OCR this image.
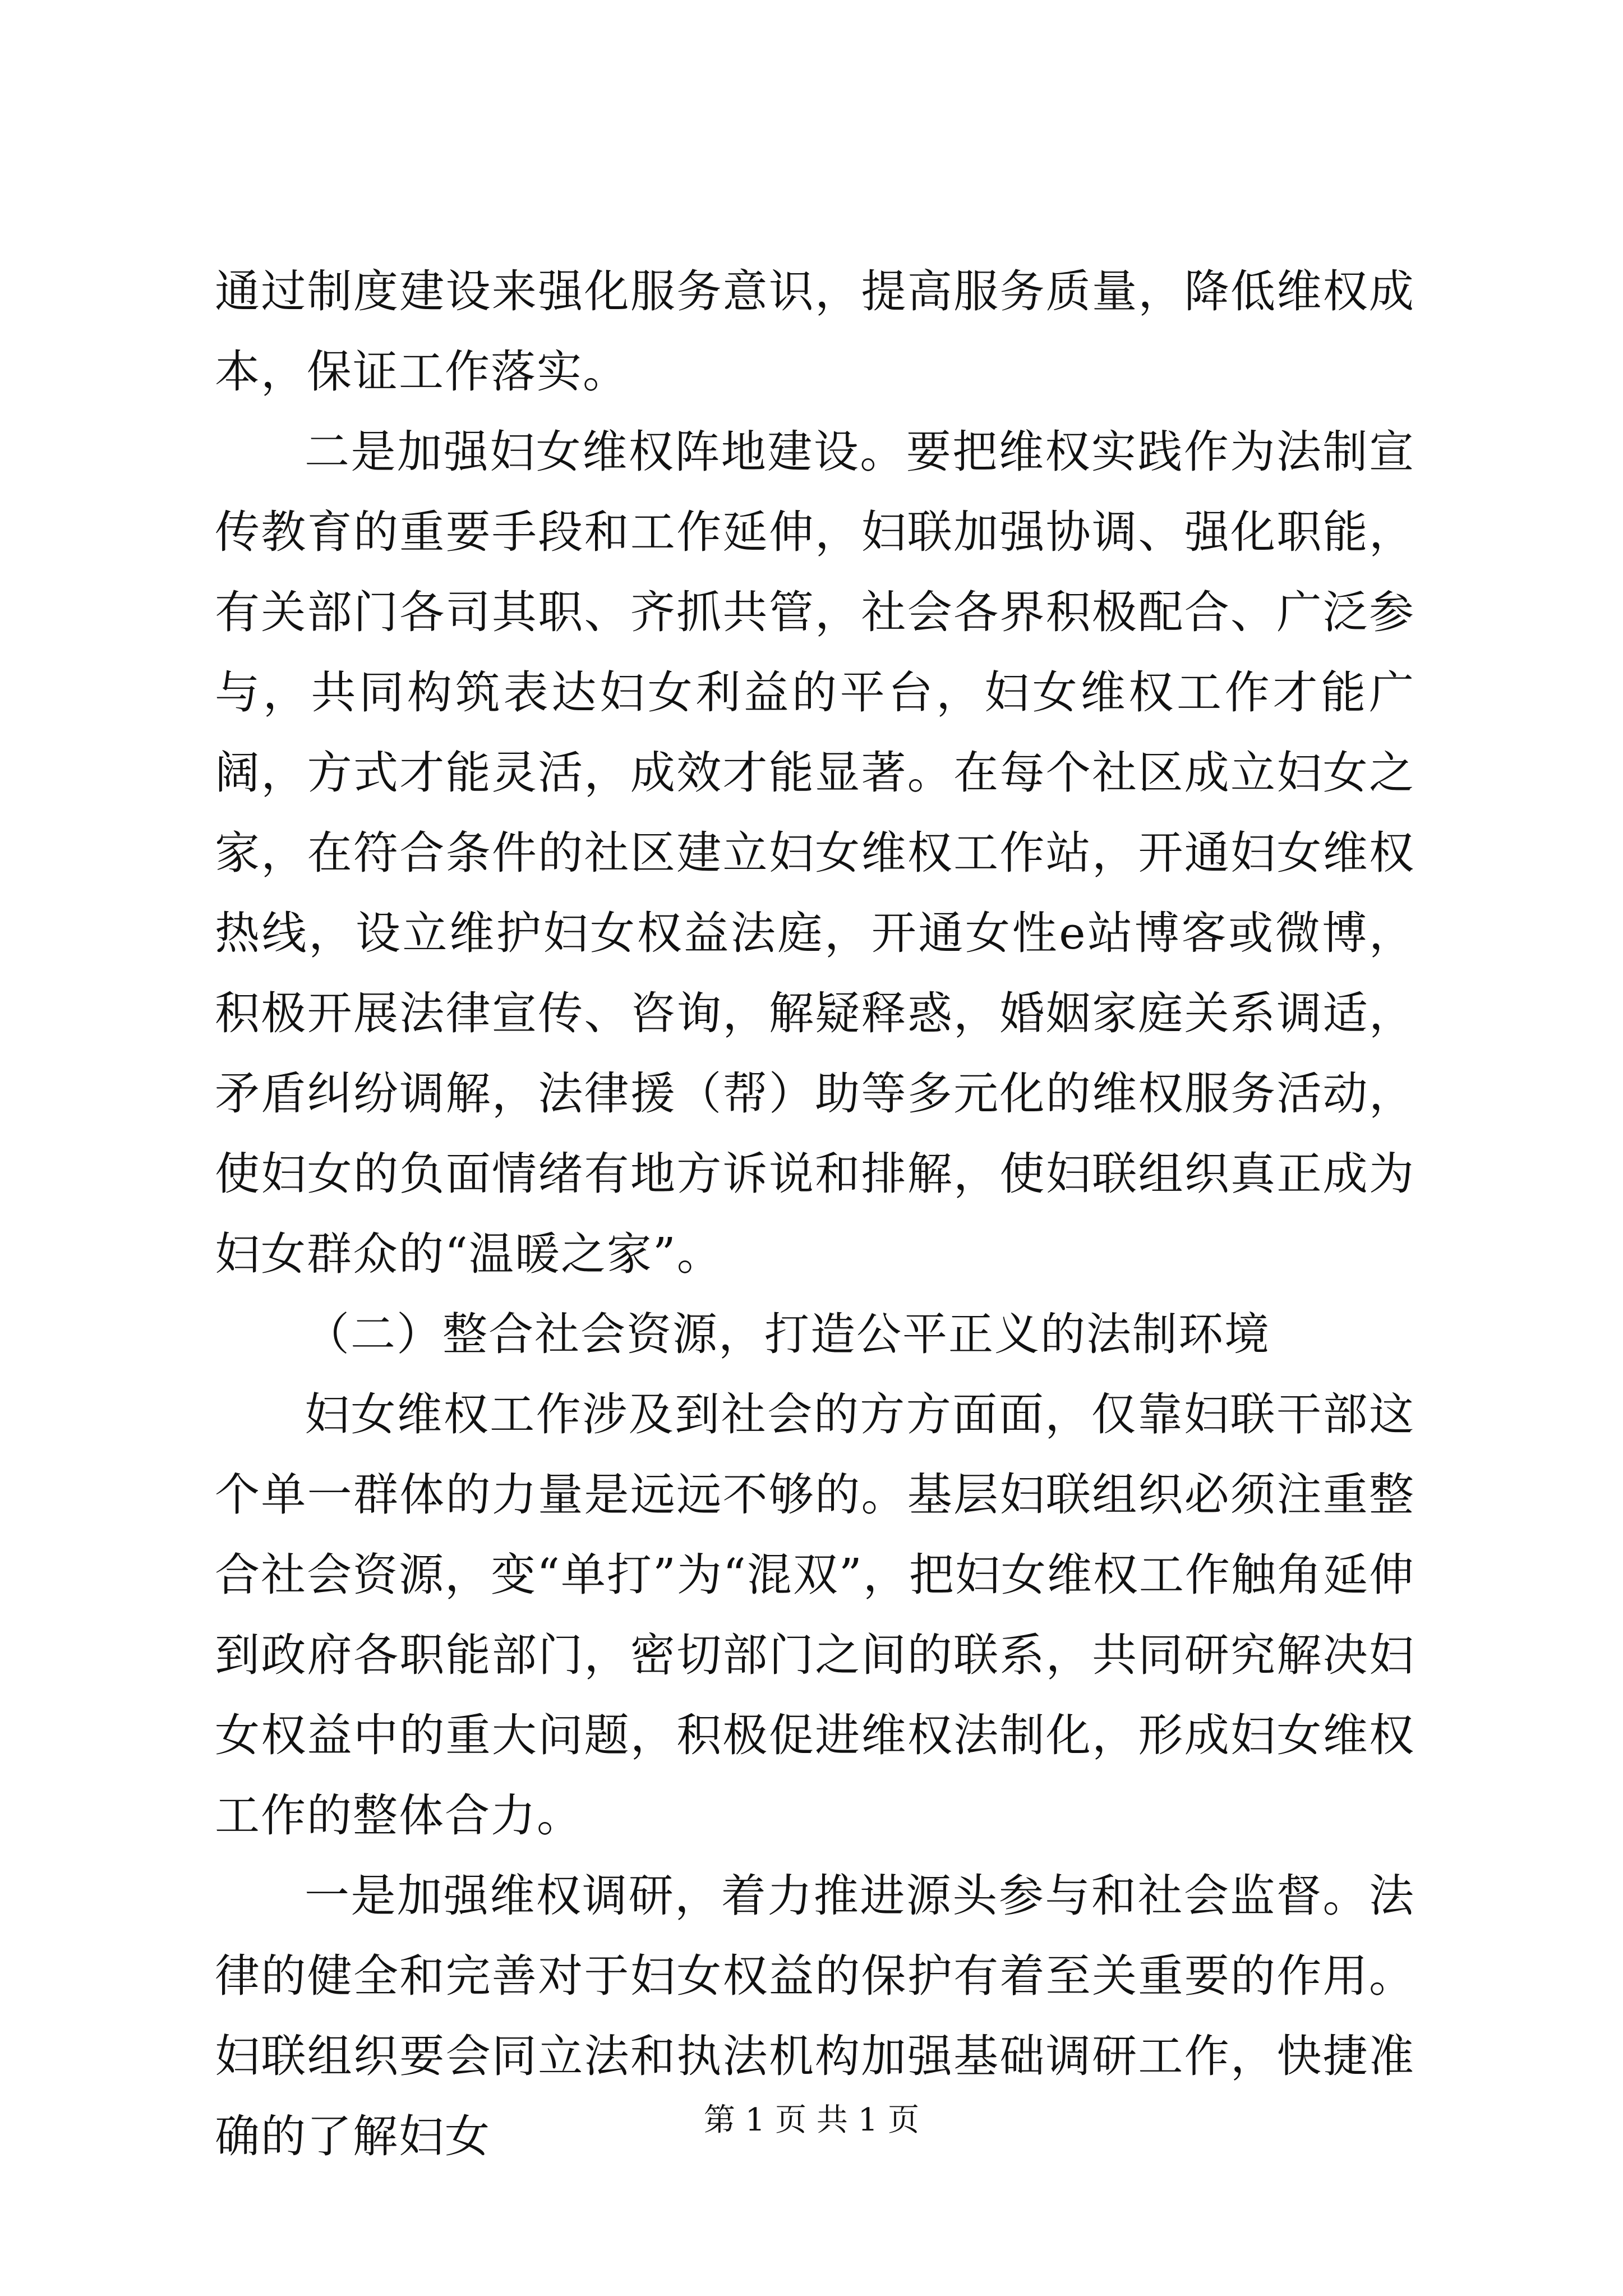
通过制度建设来强化服务意识，提高服务质量，降低维权成本，保证工作落实。

二是加强妇女维权阵地建设。要把维权实践作为法制宣传教育的重要手段和工作延伸，妇联加强协调、强化职能，有关部门各司其职、齐抓共管，社会各界积极配合、广泛参与，共同构筑表达妇女利益的平台，妇女维权工作才能广阔，方式才能灵活，成效才能显著。在每个社区成立妇女之家，在符合条件的社区建立妇女维权工作站，开通妇女维权热线，设立维护妇女权益法庭，开通女性e站博客或微博，积极开展法律宣传、咨询，解疑释惑，婚姻家庭关系调适，矛盾纠纷调解，法律援（帮）助等多元化的维权服务活动，使妇女的负面情绪有地方诉说和排解，使妇联组织真正成为妇女群众的“温暖之家”。

（二）整合社会资源，打造公平正义的法制环境

妇女维权工作涉及到社会的方方面面，仅靠妇联干部这个单一群体的力量是远远不够的。基层妇联组织必须注重整合社会资源，变“单打”为“混双”，把妇女维权工作触角延伸到政府各职能部门，密切部门之间的联系，共同研究解决妇女权益中的重大问题，积极促进维权法制化，形成妇女维权工作的整体合力。

一是加强维权调研，着力推进源头参与和社会监督。法律的健全和完善对于妇女权益的保护有着至关重要的作用。妇联组织要会同立法和执法机构加强基础调研工作，快捷准确的了解妇女	第 1 页 共 1 页
